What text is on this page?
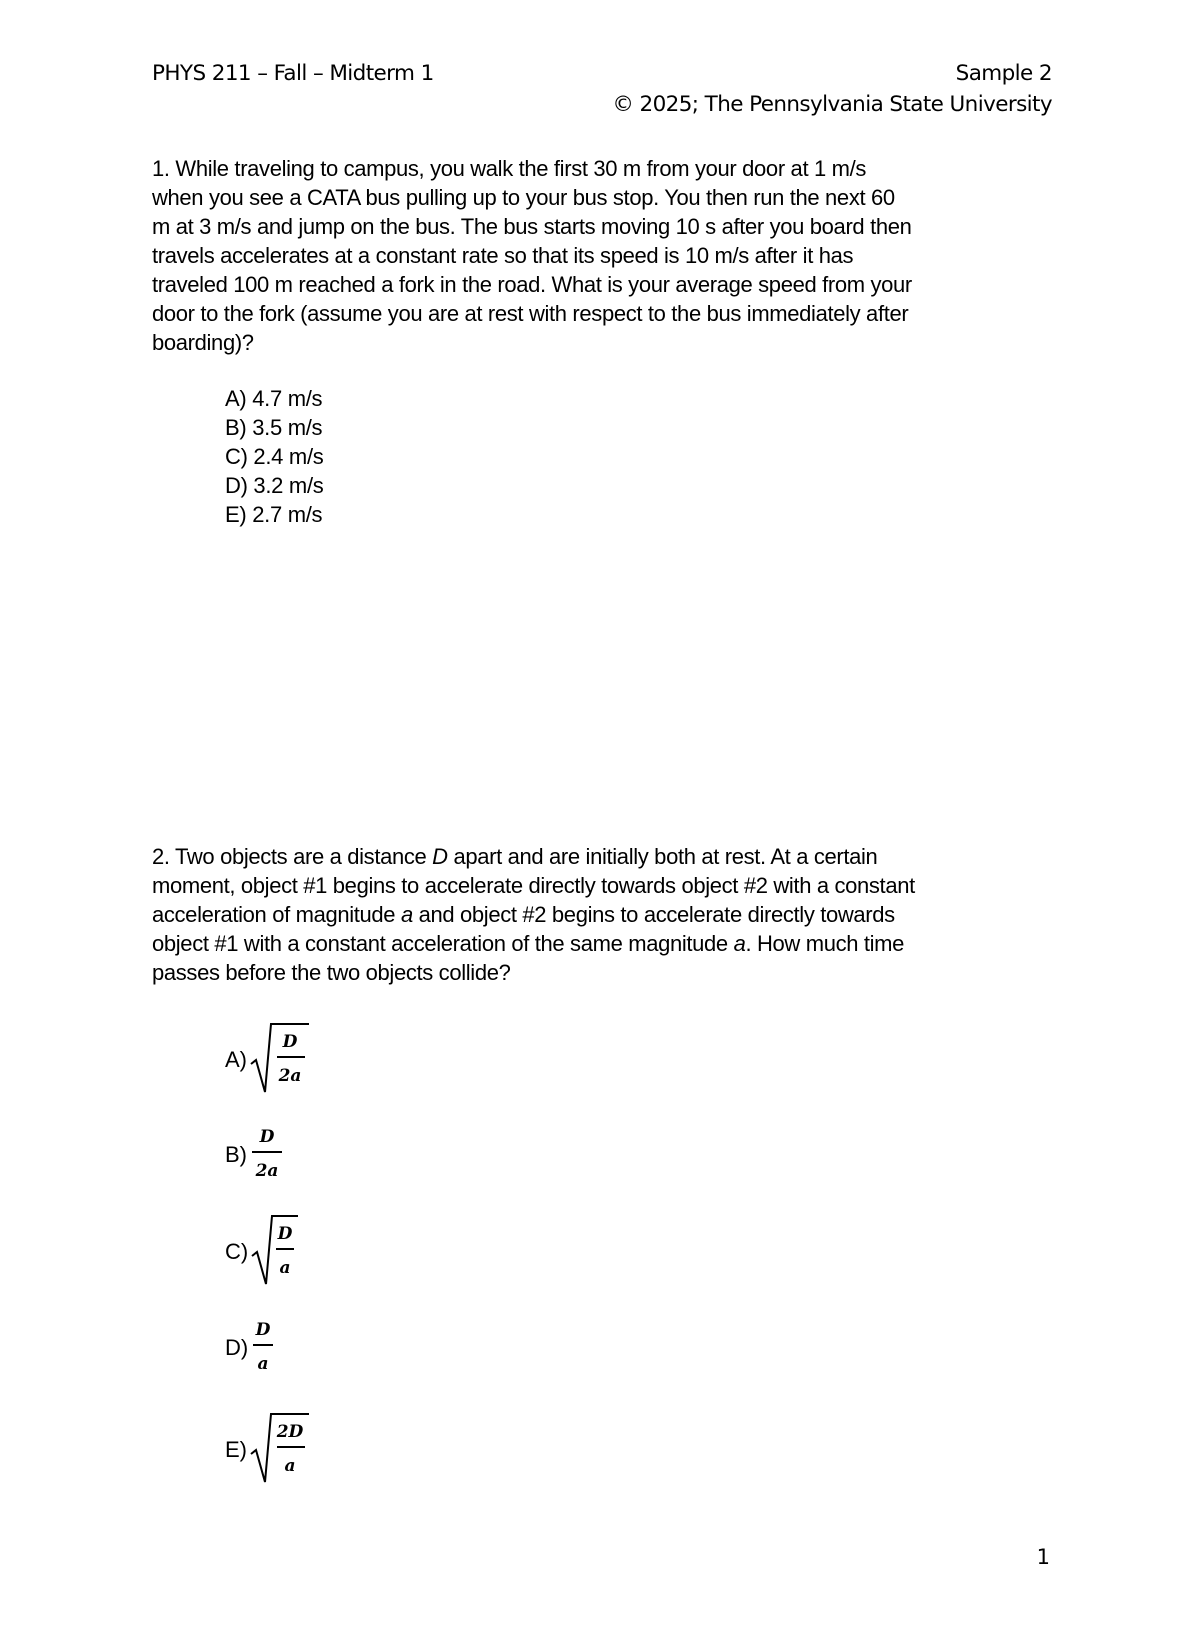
PHYS 211 – Fall – Midterm 1	Sample 2
© 2025; The Pennsylvania State University

1. While traveling to campus, you walk the first 30 m from your door at 1 m/s

when you see a CATA bus pulling up to your bus stop. You then run the next 60

m at 3 m/s and jump on the bus. The bus starts moving 10 s after you board then

travels accelerates at a constant rate so that its speed is 10 m/s after it has

traveled 100 m reached a fork in the road. What is your average speed from your

door to the fork (assume you are at rest with respect to the bus immediately after

boarding)?

A) 4.7 m/s
B) 3.5 m/s
C) 2.4 m/s
D) 3.2 m/s
E) 2.7 m/s

2. Two objects are a distance D apart and are initially both at rest. At a certain

moment, object #1 begins to accelerate directly towards object #2 with a constant

acceleration of magnitude a and object #2 begins to accelerate directly towards

object #1 with a constant acceleration of the same magnitude a. How much time

passes before the two objects collide?

A)
D
2a
B)
D
2a
C)
D
a
D)
D
a
E)
2D
a
1
